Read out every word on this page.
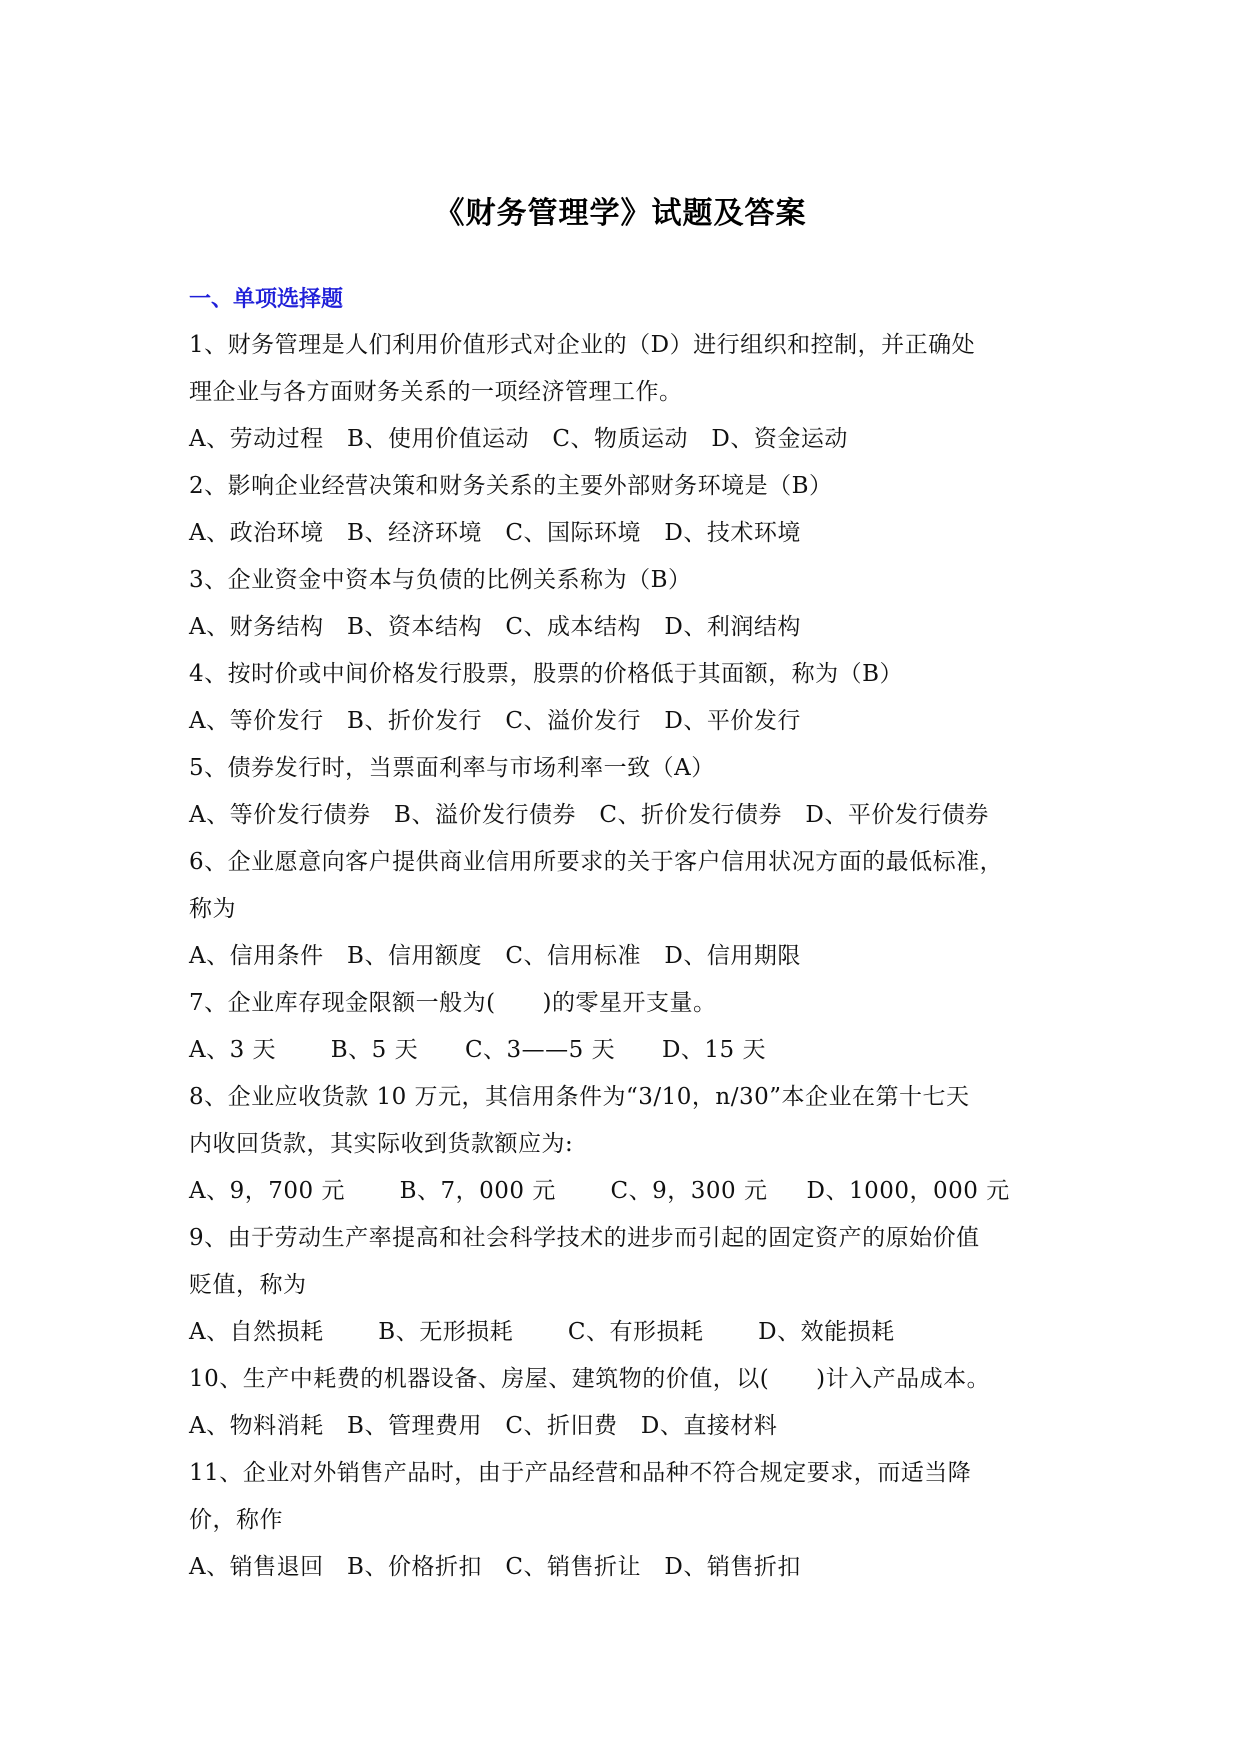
《财务管理学》试题及答案
一、单项选择题
1、财务管理是人们利用价值形式对企业的（D）进行组织和控制，并正确处
理企业与各方面财务关系的一项经济管理工作。
A、劳动过程   B、使用价值运动   C、物质运动   D、资金运动
2、影响企业经营决策和财务关系的主要外部财务环境是（B）
A、政治环境   B、经济环境   C、国际环境   D、技术环境
3、企业资金中资本与负债的比例关系称为（B）
A、财务结构   B、资本结构   C、成本结构   D、利润结构
4、按时价或中间价格发行股票，股票的价格低于其面额，称为（B）
A、等价发行   B、折价发行   C、溢价发行   D、平价发行
5、债券发行时，当票面利率与市场利率一致（A）
A、等价发行债券   B、溢价发行债券   C、折价发行债券   D、平价发行债券
6、企业愿意向客户提供商业信用所要求的关于客户信用状况方面的最低标准，
称为
A、信用条件   B、信用额度   C、信用标准   D、信用期限
7、企业库存现金限额一般为(      )的零星开支量。
A、3 天       B、5 天      C、3——5 天      D、15 天
8、企业应收货款 10 万元，其信用条件为“3/10，n/30”本企业在第十七天
内收回货款，其实际收到货款额应为:
A、9，700 元       B、7，000 元       C、9，300 元     D、1000，000 元
9、由于劳动生产率提高和社会科学技术的进步而引起的固定资产的原始价值
贬值，称为
A、自然损耗       B、无形损耗       C、有形损耗       D、效能损耗
10、生产中耗费的机器设备、房屋、建筑物的价值，以(      )计入产品成本。
A、物料消耗   B、管理费用   C、折旧费   D、直接材料
11、企业对外销售产品时，由于产品经营和品种不符合规定要求，而适当降
价，称作
A、销售退回   B、价格折扣   C、销售折让   D、销售折扣
